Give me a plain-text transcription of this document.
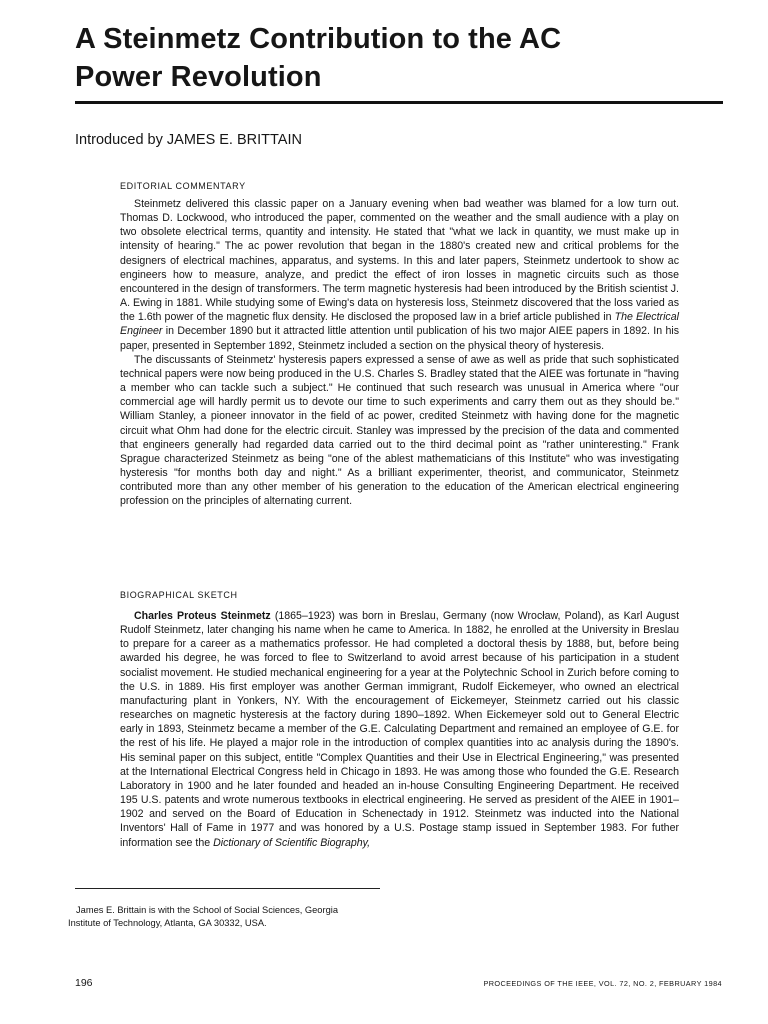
A Steinmetz Contribution to the AC
Power Revolution
Introduced by JAMES E. BRITTAIN
EDITORIAL COMMENTARY

Steinmetz delivered this classic paper on a January evening when bad weather was blamed for a low turn out. Thomas D. Lockwood, who introduced the paper, commented on the weather and the small audience with a play on two obsolete electrical terms, quantity and intensity. He stated that "what we lack in quantity, we must make up in intensity of hearing." The ac power revolution that began in the 1880's created new and critical problems for the designers of electrical machines, apparatus, and systems. In this and later papers, Steinmetz undertook to show ac engineers how to measure, analyze, and predict the effect of iron losses in magnetic circuits such as those encountered in the design of transformers. The term magnetic hysteresis had been introduced by the British scientist J. A. Ewing in 1881. While studying some of Ewing's data on hysteresis loss, Steinmetz discovered that the loss varied as the 1.6th power of the magnetic flux density. He disclosed the proposed law in a brief article published in The Electrical Engineer in December 1890 but it attracted little attention until publication of his two major AIEE papers in 1892. In his paper, presented in September 1892, Steinmetz included a section on the physical theory of hysteresis.

The discussants of Steinmetz' hysteresis papers expressed a sense of awe as well as pride that such sophisticated technical papers were now being produced in the U.S. Charles S. Bradley stated that the AIEE was fortunate in "having a member who can tackle such a subject." He continued that such research was unusual in America where "our commercial age will hardly permit us to devote our time to such experiments and carry them out as they should be." William Stanley, a pioneer innovator in the field of ac power, credited Steinmetz with having done for the magnetic circuit what Ohm had done for the electric circuit. Stanley was impressed by the precision of the data and commented that engineers generally had regarded data carried out to the third decimal point as "rather uninteresting." Frank Sprague characterized Steinmetz as being "one of the ablest mathematicians of this Institute" who was investigating hysteresis "for months both day and night." As a brilliant experimenter, theorist, and communicator, Steinmetz contributed more than any other member of his generation to the education of the American electrical engineering profession on the principles of alternating current.

BIOGRAPHICAL SKETCH

Charles Proteus Steinmetz (1865–1923) was born in Breslau, Germany (now Wrocław, Poland), as Karl August Rudolf Steinmetz, later changing his name when he came to America. In 1882, he enrolled at the University in Breslau to prepare for a career as a mathematics professor. He had completed a doctoral thesis by 1888, but, before being awarded his degree, he was forced to flee to Switzerland to avoid arrest because of his participation in a student socialist movement. He studied mechanical engineering for a year at the Polytechnic School in Zurich before coming to the U.S. in 1889. His first employer was another German immigrant, Rudolf Eickemeyer, who owned an electrical manufacturing plant in Yonkers, NY. With the encouragement of Eickemeyer, Steinmetz carried out his classic researches on magnetic hysteresis at the factory during 1890–1892. When Eickemeyer sold out to General Electric early in 1893, Steinmetz became a member of the G.E. Calculating Department and remained an employee of G.E. for the rest of his life. He played a major role in the introduction of complex quantities into ac analysis during the 1890's. His seminal paper on this subject, entitle "Complex Quantities and their Use in Electrical Engineering," was presented at the International Electrical Congress held in Chicago in 1893. He was among those who founded the G.E. Research Laboratory in 1900 and he later founded and headed an in-house Consulting Engineering Department. He received 195 U.S. patents and wrote numerous textbooks in electrical engineering. He served as president of the AIEE in 1901–1902 and served on the Board of Education in Schenectady in 1912. Steinmetz was inducted into the National Inventors' Hall of Fame in 1977 and was honored by a U.S. Postage stamp issued in September 1983. For futher information see the Dictionary of Scientific Biography,

James E. Brittain is with the School of Social Sciences, Georgia
Institute of Technology, Atlanta, GA 30332, USA.
196	PROCEEDINGS OF THE IEEE, VOL. 72, NO. 2, FEBRUARY 1984
